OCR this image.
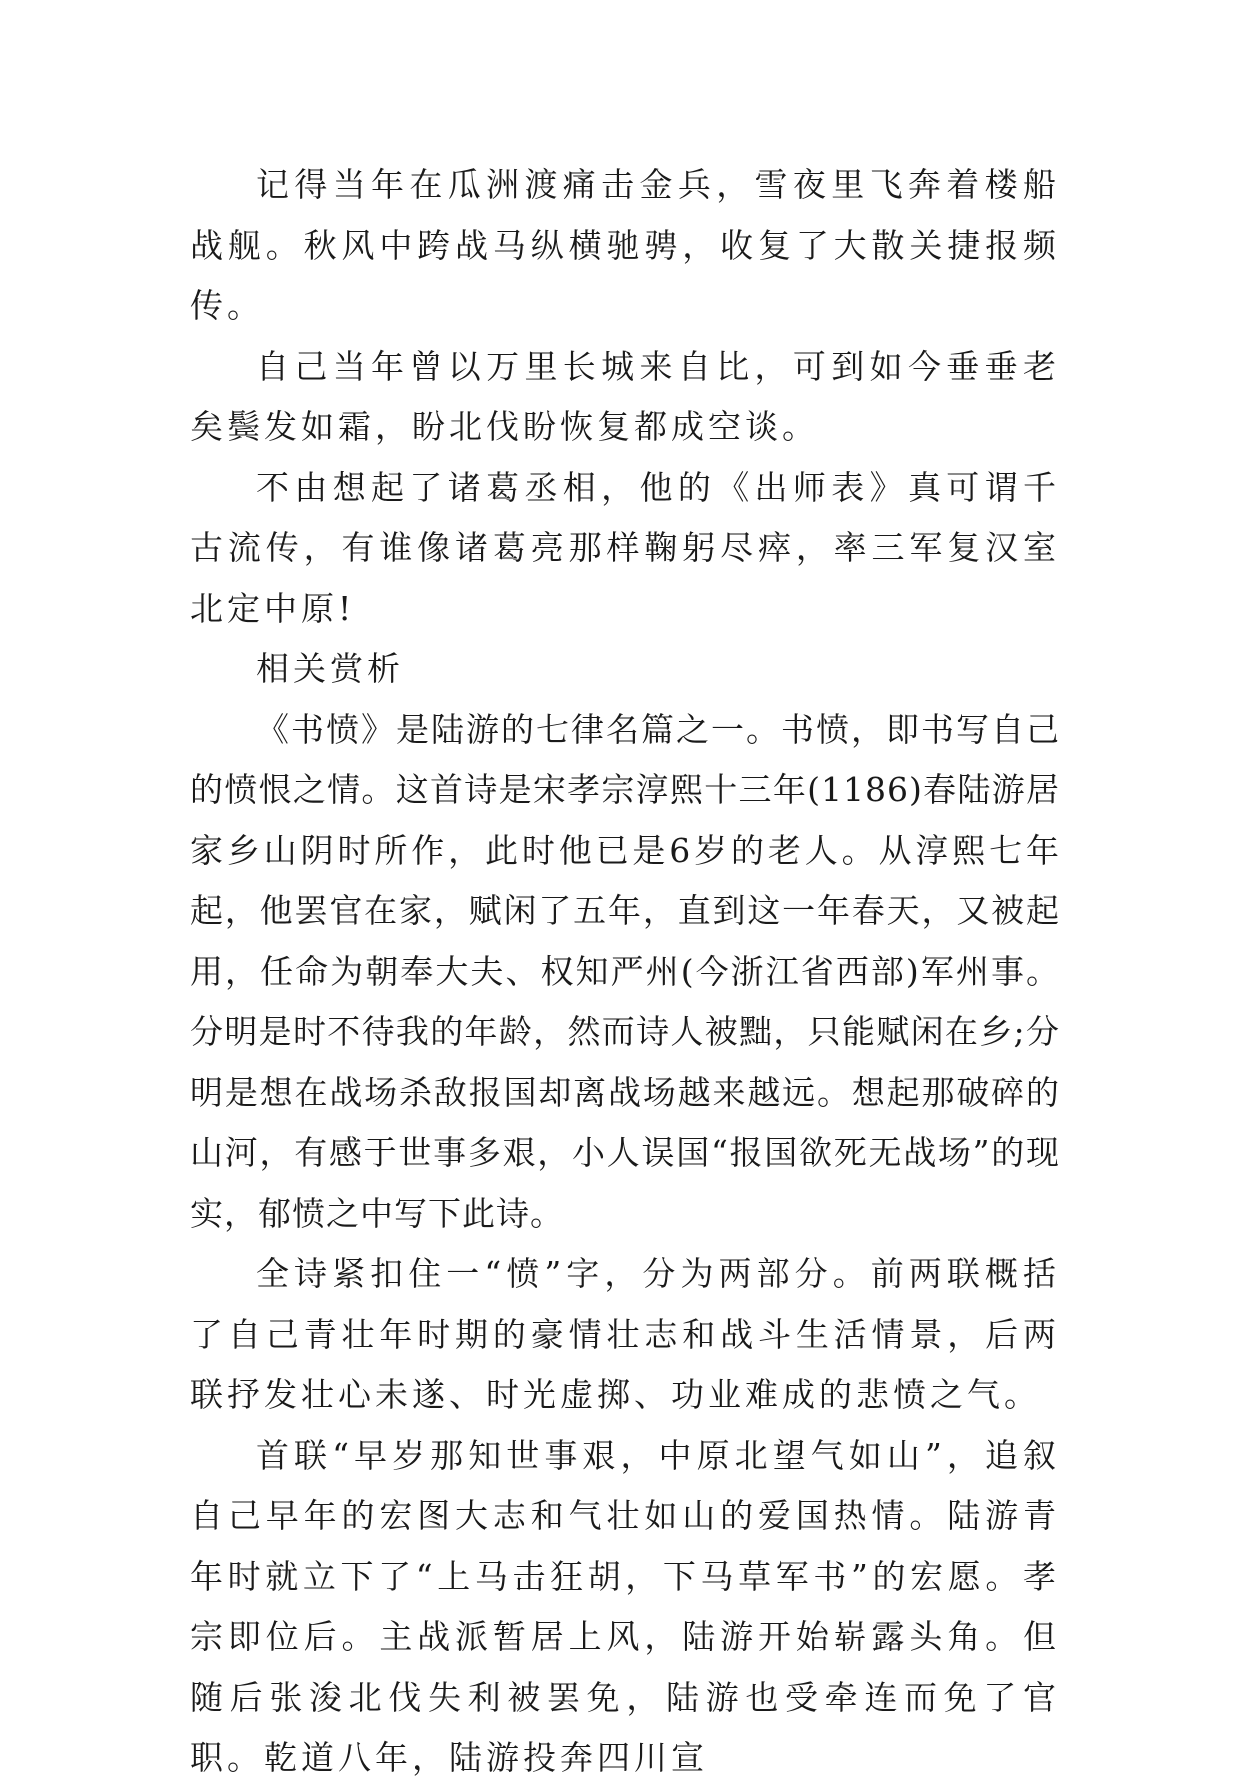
记得当年在瓜洲渡痛击金兵，雪夜里飞奔着楼船战舰。秋风中跨战马纵横驰骋，收复了大散关捷报频传。

自己当年曾以万里长城来自比，可到如今垂垂老矣鬓发如霜，盼北伐盼恢复都成空谈。

不由想起了诸葛丞相，他的《出师表》真可谓千古流传，有谁像诸葛亮那样鞠躬尽瘁，率三军复汉室北定中原!

相关赏析

《书愤》是陆游的七律名篇之一。书愤，即书写自己的愤恨之情。这首诗是宋孝宗淳熙十三年(1186)春陆游居家乡山阴时所作，此时他已是6岁的老人。从淳熙七年起，他罢官在家，赋闲了五年，直到这一年春天，又被起用，任命为朝奉大夫、权知严州(今浙江省西部)军州事。分明是时不待我的年龄，然而诗人被黜，只能赋闲在乡;分明是想在战场杀敌报国却离战场越来越远。想起那破碎的山河，有感于世事多艰，小人误国“报国欲死无战场”的现实，郁愤之中写下此诗。

全诗紧扣住一“愤”字，分为两部分。前两联概括了自己青壮年时期的豪情壮志和战斗生活情景，后两联抒发壮心未遂、时光虚掷、功业难成的悲愤之气。

首联“早岁那知世事艰，中原北望气如山”，追叙自己早年的宏图大志和气壮如山的爱国热情。陆游青年时就立下了“上马击狂胡，下马草军书”的宏愿。孝宗即位后。主战派暂居上风，陆游开始崭露头角。但随后张浚北伐失利被罢免，陆游也受牵连而免了官职。乾道八年，陆游投奔四川宣
